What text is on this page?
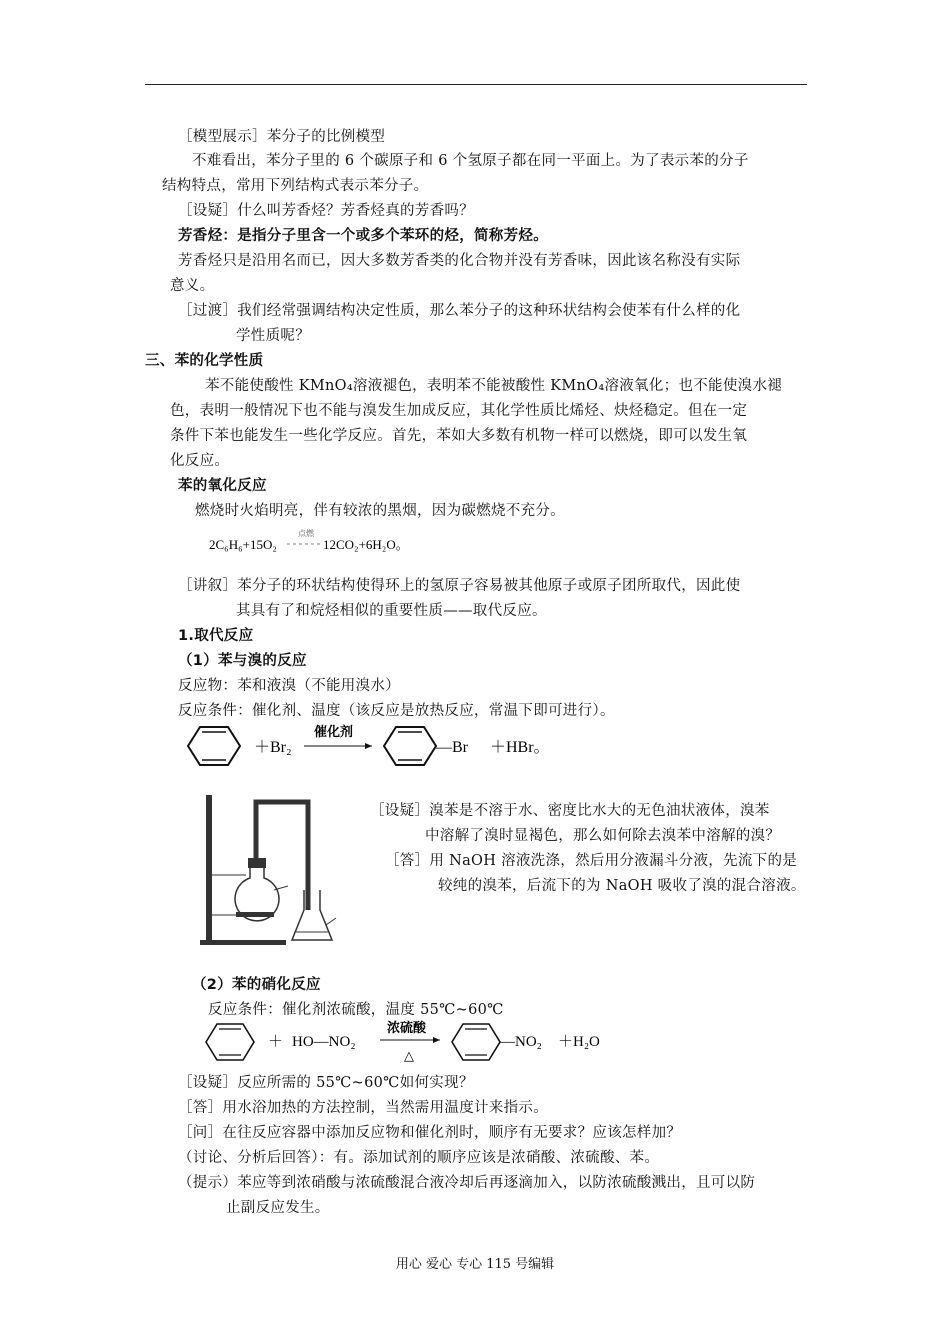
［模型展示］苯分子的比例模型
不难看出，苯分子里的 6 个碳原子和 6 个氢原子都在同一平面上。为了表示苯的分子
结构特点，常用下列结构式表示苯分子。
［设疑］什么叫芳香烃？芳香烃真的芳香吗？
芳香烃：是指分子里含一个或多个苯环的烃，简称芳烃。
芳香烃只是沿用名而已，因大多数芳香类的化合物并没有芳香味，因此该名称没有实际
意义。
［过渡］我们经常强调结构决定性质，那么苯分子的这种环状结构会使苯有什么样的化
学性质呢？
三、苯的化学性质
苯不能使酸性 KMnO₄溶液褪色，表明苯不能被酸性 KMnO₄溶液氧化；也不能使溴水褪
色，表明一般情况下也不能与溴发生加成反应，其化学性质比烯烃、炔烃稳定。但在一定
条件下苯也能发生一些化学反应。首先，苯如大多数有机物一样可以燃烧，即可以发生氧
化反应。
苯的氧化反应
燃烧时火焰明亮，伴有较浓的黑烟，因为碳燃烧不充分。
2C₆H₆+15O₂
点燃
12CO₂+6H₂O。
［讲叙］苯分子的环状结构使得环上的氢原子容易被其他原子或原子团所取代，因此使
其具有了和烷烃相似的重要性质——取代反应。
1.取代反应
（1）苯与溴的反应
反应物：苯和液溴（不能用溴水）
反应条件：催化剂、温度（该反应是放热反应，常温下即可进行）。
＋Br₂
催化剂
—Br ＋HBr。
［设疑］溴苯是不溶于水、密度比水大的无色油状液体，溴苯
中溶解了溴时显褐色，那么如何除去溴苯中溶解的溴？
［答］用 NaOH 溶液洗涤，然后用分液漏斗分液，先流下的是
较纯的溴苯，后流下的为 NaOH 吸收了溴的混合溶液。
（2）苯的硝化反应
反应条件：催化剂浓硫酸，温度 55℃~60℃
＋ HO—NO₂
浓硫酸
△
—NO₂ ＋H₂O
［设疑］反应所需的 55℃~60℃如何实现？
［答］用水浴加热的方法控制，当然需用温度计来指示。
［问］在往反应容器中添加反应物和催化剂时，顺序有无要求？应该怎样加？
（讨论、分析后回答）：有。添加试剂的顺序应该是浓硝酸、浓硫酸、苯。
（提示）苯应等到浓硝酸与浓硫酸混合液冷却后再逐滴加入，以防浓硫酸溅出，且可以防
止副反应发生。
用心 爱心 专心 115 号编辑
